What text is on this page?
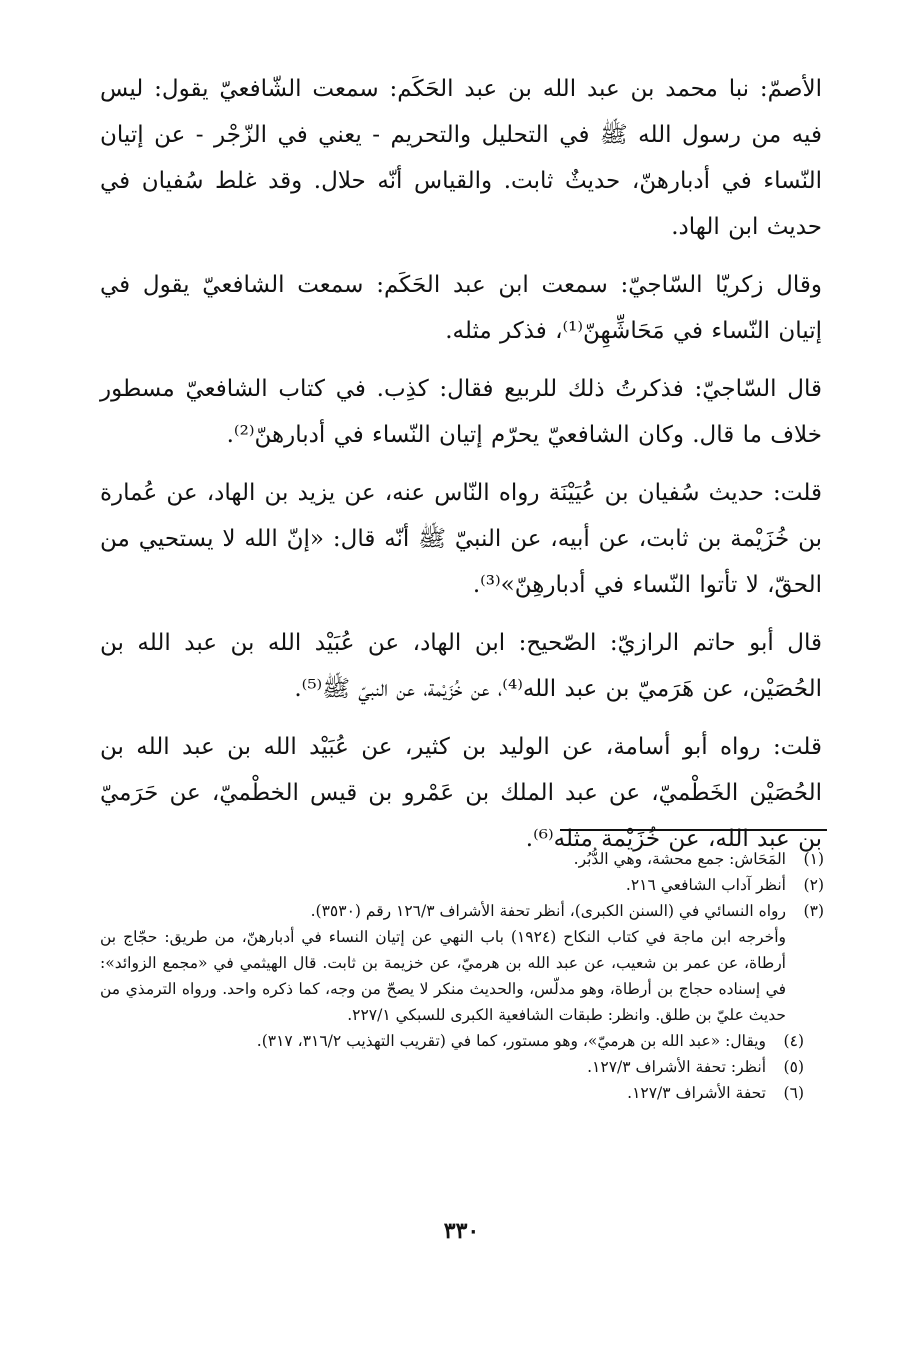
الأصمّ: نبا محمد بن عبد الله بن عبد الحَكَم: سمعت الشّافعيّ يقول: ليس فيه من رسول الله ﷺ في التحليل والتحريم - يعني في الزّجْر - عن إتيان النّساء في أدبارهنّ، حديثٌ ثابت. والقياس أنّه حلال. وقد غلط سُفيان في حديث ابن الهاد.

وقال زكريّا السّاجيّ: سمعت ابن عبد الحَكَم: سمعت الشافعيّ يقول في إتيان النّساء في مَحَاشِّهِنّ⁽¹⁾، فذكر مثله.

قال السّاجيّ: فذكرتُ ذلك للربيع فقال: كذِب. في كتاب الشافعيّ مسطور خلاف ما قال. وكان الشافعيّ يحرّم إتيان النّساء في أدبارهنّ⁽²⁾.

قلت: حديث سُفيان بن عُيَيْنَة رواه النّاس عنه، عن يزيد بن الهاد، عن عُمارة بن خُزَيْمة بن ثابت، عن أبيه، عن النبيّ ﷺ أنّه قال: «إنّ الله لا يستحيي من الحقّ، لا تأتوا النّساء في أدبارهِنّ»⁽³⁾.

قال أبو حاتم الرازيّ: الصّحيح: ابن الهاد، عن عُبَيْد الله بن عبد الله بن الحُصَيْن، عن هَرَميّ بن عبد الله⁽⁴⁾، عن خُزَيْمة، عن النبيّ ﷺ⁽⁵⁾.

قلت: رواه أبو أسامة، عن الوليد بن كثير، عن عُبَيْد الله بن عبد الله بن الحُصَيْن الخَطْميّ، عن عبد الملك بن عَمْرو بن قيس الخطْميّ، عن حَرَميّ بن عبد الله، عن خُزَيْمة مثله⁽⁶⁾.

(١)
المَحَاش: جمع محشة، وهي الدُّبُر.
(٢)
أنظر آداب الشافعي ٢١٦.
(٣)
رواه النسائي في (السنن الكبرى)، أنظر تحفة الأشراف ١٢٦/٣ رقم (٣٥٣٠).

وأخرجه ابن ماجة في كتاب النكاح (١٩٢٤) باب النهي عن إتيان النساء في أدبارهنّ، من طريق: حجّاج بن أرطاة، عن عمر بن شعيب، عن عبد الله بن هرميّ، عن خزيمة بن ثابت. قال الهيثمي في «مجمع الزوائد»: في إسناده حجاج بن أرطاة، وهو مدلّس، والحديث منكر لا يصحّ من وجه، كما ذكره واحد. ورواه الترمذي من حديث عليّ بن طلق. وانظر: طبقات الشافعية الكبرى للسبكي ٢٢٧/١.

(٤)
ويقال: «عبد الله بن هرميّ»، وهو مستور، كما في (تقريب التهذيب ٣١٦/٢، ٣١٧).
(٥)
أنظر: تحفة الأشراف ١٢٧/٣.
(٦)
تحفة الأشراف ١٢٧/٣.
٣٣٠
